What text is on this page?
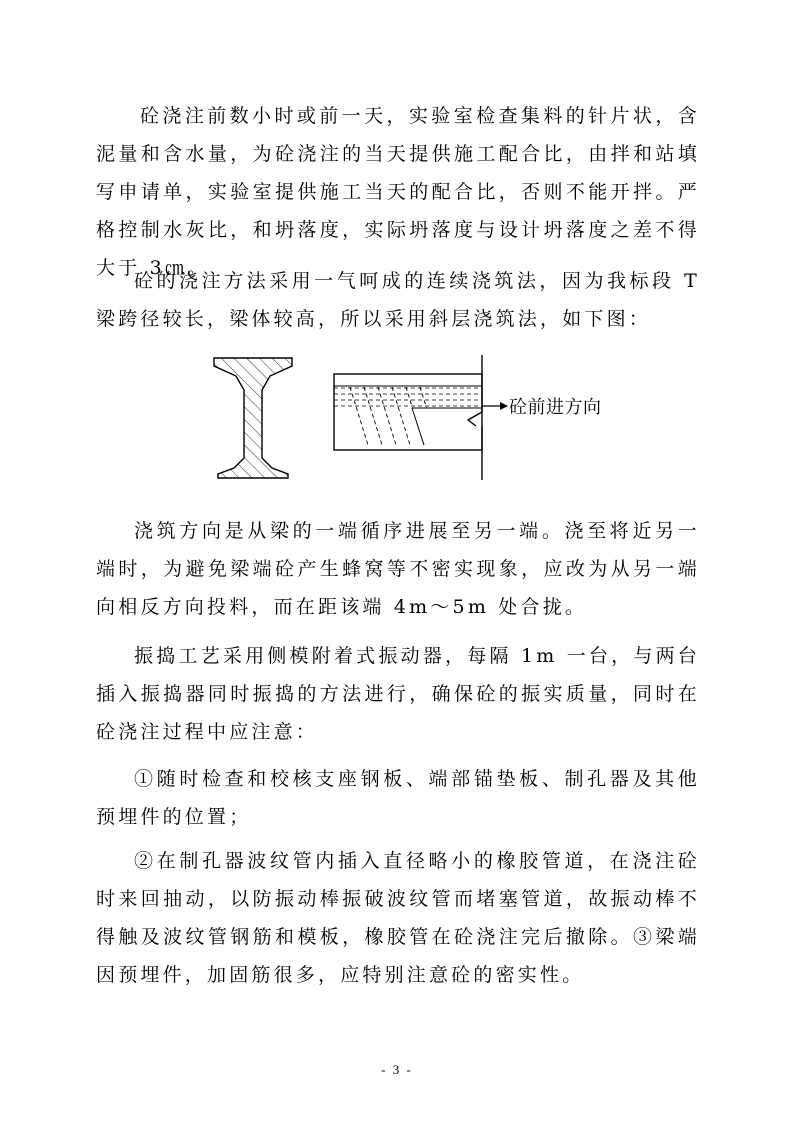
砼浇注前数小时或前一天，实验室检查集料的针片状，含泥量和含水量，为砼浇注的当天提供施工配合比，由拌和站填写申请单，实验室提供施工当天的配合比，否则不能开拌。严格控制水灰比，和坍落度，实际坍落度与设计坍落度之差不得大于 3㎝。

砼的浇注方法采用一气呵成的连续浇筑法，因为我标段 T 梁跨径较长，梁体较高，所以采用斜层浇筑法，如下图：

砼前进方向

浇筑方向是从梁的一端循序进展至另一端。浇至将近另一端时，为避免梁端砼产生蜂窝等不密实现象，应改为从另一端向相反方向投料，而在距该端 4m～5m 处合拢。

振捣工艺采用侧模附着式振动器，每隔 1m 一台，与两台插入振捣器同时振捣的方法进行，确保砼的振实质量，同时在砼浇注过程中应注意：

①随时检查和校核支座钢板、端部锚垫板、制孔器及其他预埋件的位置；

②在制孔器波纹管内插入直径略小的橡胶管道，在浇注砼时来回抽动，以防振动棒振破波纹管而堵塞管道，故振动棒不得触及波纹管钢筋和模板，橡胶管在砼浇注完后撤除。③梁端因预埋件，加固筋很多，应特别注意砼的密实性。

- 3 -
